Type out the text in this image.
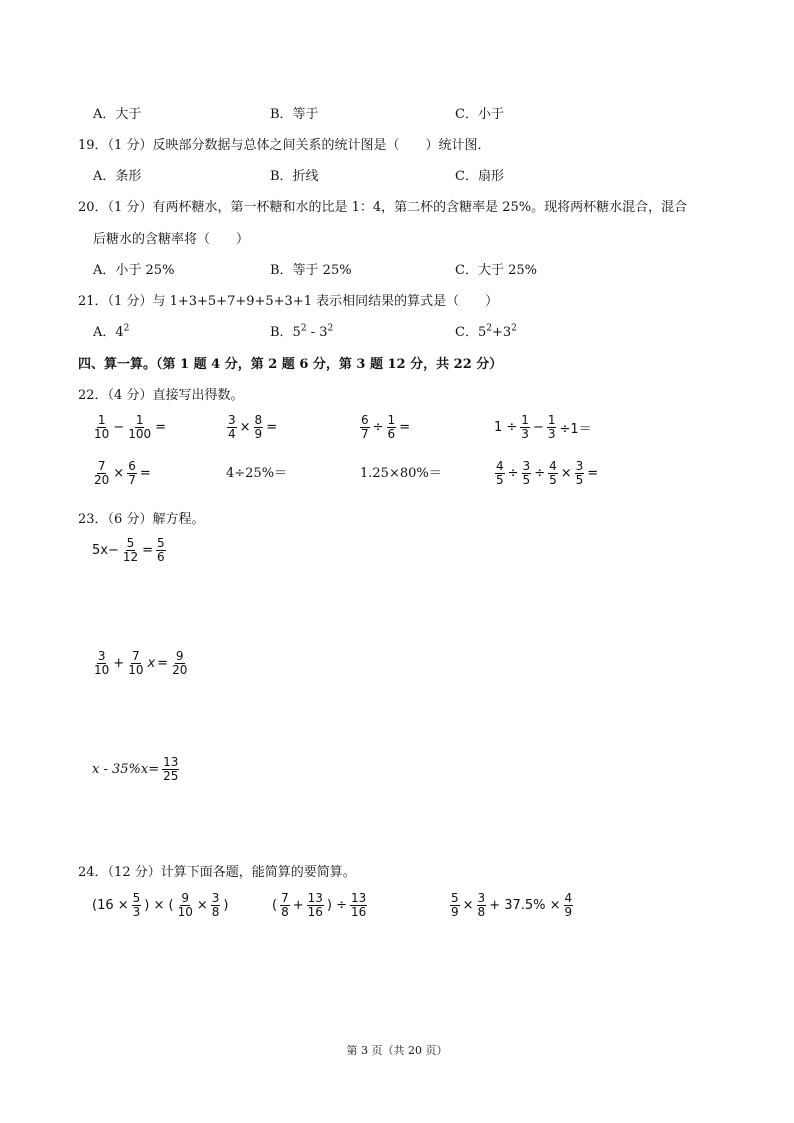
A．大于	B．等于	C．小于
19．（1 分）反映部分数据与总体之间关系的统计图是（　　）统计图．
A．条形	B．折线	C．扇形
20．（1 分）有两杯糖水，第一杯糖和水的比是 1：4，第二杯的含糖率是 25%。现将两杯糖水混合，混合
后糖水的含糖率将（　　）
A．小于 25%	B．等于 25%	C．大于 25%
21．（1 分）与 1+3+5+7+9+5+3+1 表示相同结果的算式是（　　）
A．$4^2$	B．$5^2 - 3^2$	C．$5^2+3^2$
四、算一算。（第 1 题 4 分，第 2 题 6 分，第 3 题 12 分，共 22 分）
22．（4 分）直接写出得数。
$\frac{1}{10} - \frac{1}{100}$ =	$\frac{3}{4} \times \frac{8}{9}$ =	$\frac{6}{7} \div \frac{1}{6}$ =	$1 \div \frac{1}{3} - \frac{1}{3} \div 1=$
$\frac{7}{20} \times \frac{6}{7}$ =	4÷25%＝	1.25×80%＝	$\frac{4}{5} \div \frac{3}{5} \div \frac{4}{5} \times \frac{3}{5}$ =
23．（6 分）解方程。
$5x- \frac{5}{12} = \frac{5}{6}$
$\frac{3}{10} + \frac{7}{10}$ $x = \frac{9}{20}$
$x - 35\%x= \frac{13}{25}$
24．（12 分）计算下面各题，能简算的要简算。
($16 \times \frac{5}{3}$ ) × ( $\frac{9}{10} \times \frac{3}{8}$ )	( $\frac{7}{8} + \frac{13}{16}$ ) ÷ $\frac{13}{16}$	$\frac{5}{9} \times \frac{3}{8} + 37.5\% \times \frac{4}{9}$
第 3 页（共 20 页）
